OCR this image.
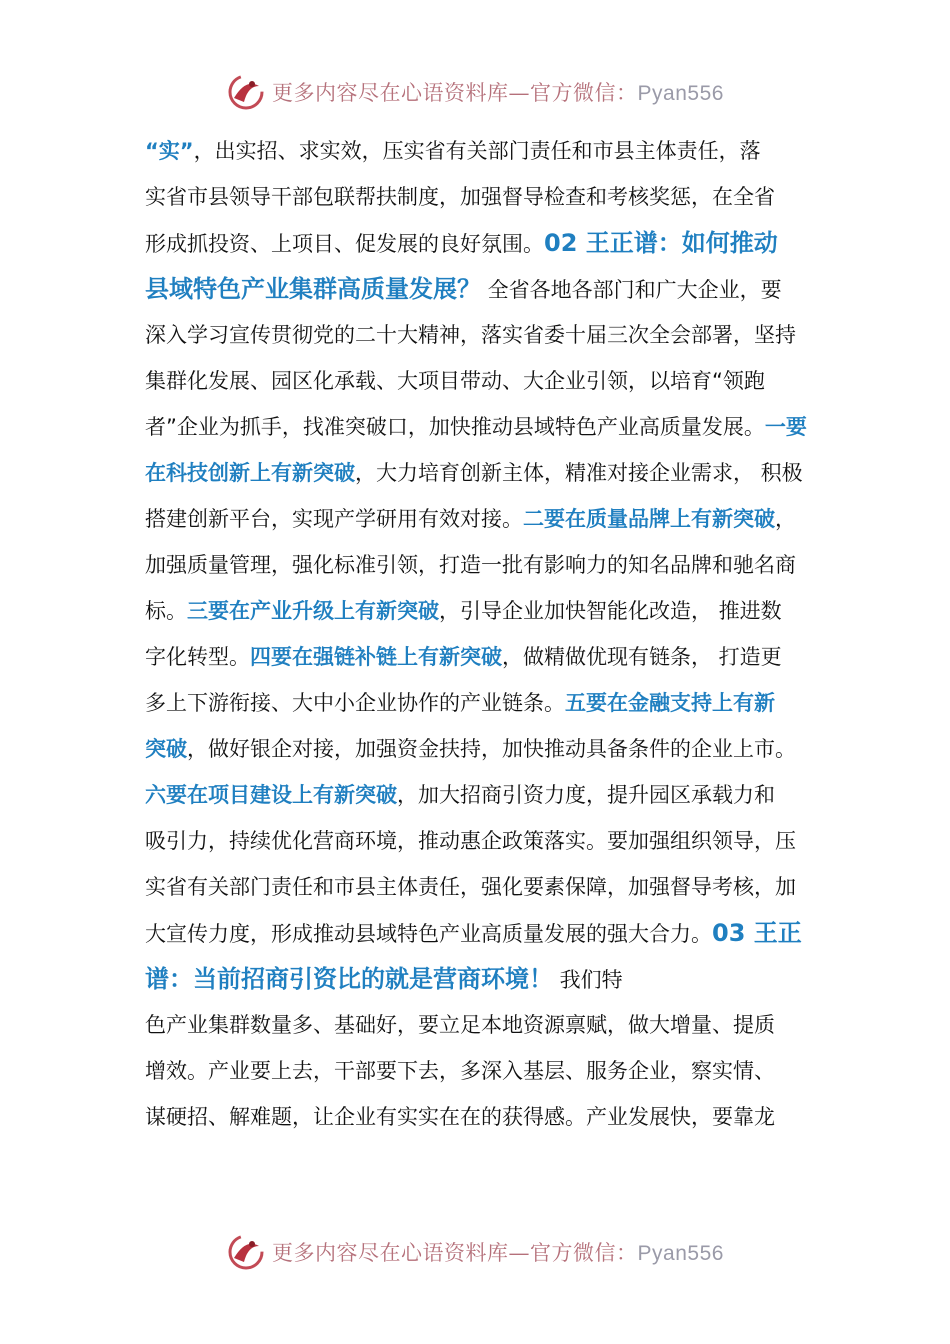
更多内容尽在心语资料库—官方微信：Pyan556
“实”，出实招、求实效，压实省有关部门责任和市县主体责任，落
实省市县领导干部包联帮扶制度，加强督导检查和考核奖惩，在全省
形成抓投资、上项目、促发展的良好氛围。02 王正谱：如何推动
县域特色产业集群高质量发展？ 全省各地各部门和广大企业，要
深入学习宣传贯彻党的二十大精神，落实省委十届三次全会部署，坚持
集群化发展、园区化承载、大项目带动、大企业引领，以培育“领跑
者”企业为抓手，找准突破口，加快推动县域特色产业高质量发展。一要
在科技创新上有新突破，大力培育创新主体，精准对接企业需求， 积极
搭建创新平台，实现产学研用有效对接。二要在质量品牌上有新突破，
加强质量管理，强化标准引领，打造一批有影响力的知名品牌和驰名商
标。三要在产业升级上有新突破，引导企业加快智能化改造， 推进数
字化转型。四要在强链补链上有新突破，做精做优现有链条， 打造更
多上下游衔接、大中小企业协作的产业链条。五要在金融支持上有新
突破，做好银企对接，加强资金扶持，加快推动具备条件的企业上市。
六要在项目建设上有新突破，加大招商引资力度，提升园区承载力和
吸引力，持续优化营商环境，推动惠企政策落实。要加强组织领导，压
实省有关部门责任和市县主体责任，强化要素保障，加强督导考核，加
大宣传力度，形成推动县域特色产业高质量发展的强大合力。03 王正
谱：当前招商引资比的就是营商环境！ 我们特
色产业集群数量多、基础好，要立足本地资源禀赋，做大增量、提质
增效。产业要上去，干部要下去，多深入基层、服务企业，察实情、
谋硬招、解难题，让企业有实实在在的获得感。产业发展快，要靠龙
更多内容尽在心语资料库—官方微信：Pyan556
